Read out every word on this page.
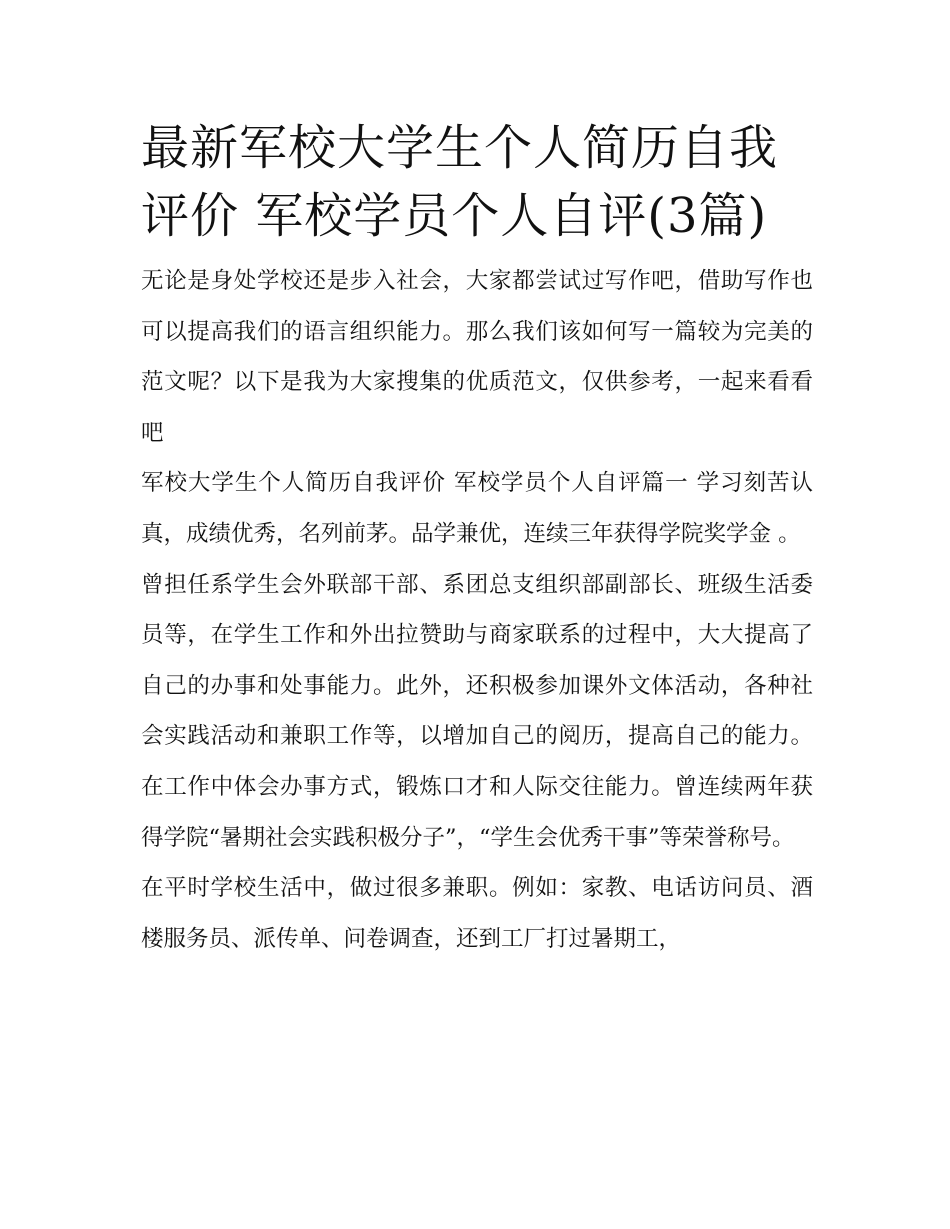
最新军校大学生个人简历自我评价 军校学员个人自评(3篇)

无论是身处学校还是步入社会，大家都尝试过写作吧，借助写作也可以提高我们的语言组织能力。那么我们该如何写一篇较为完美的范文呢？以下是我为大家搜集的优质范文，仅供参考，一起来看看吧

军校大学生个人简历自我评价 军校学员个人自评篇一 学习刻苦认真，成绩优秀，名列前茅。品学兼优，连续三年获得学院奖学金 。

曾担任系学生会外联部干部、系团总支组织部副部长、班级生活委员等，在学生工作和外出拉赞助与商家联系的过程中，大大提高了自己的办事和处事能力。此外，还积极参加课外文体活动，各种社会实践活动和兼职工作等，以增加自己的阅历，提高自己的能力。在工作中体会办事方式，锻炼口才和人际交往能力。曾连续两年获得学院“暑期社会实践积极分子”，“学生会优秀干事”等荣誉称号。

在平时学校生活中，做过很多兼职。例如：家教、电话访问员、酒楼服务员、派传单、问卷调查，还到工厂打过暑期工，
